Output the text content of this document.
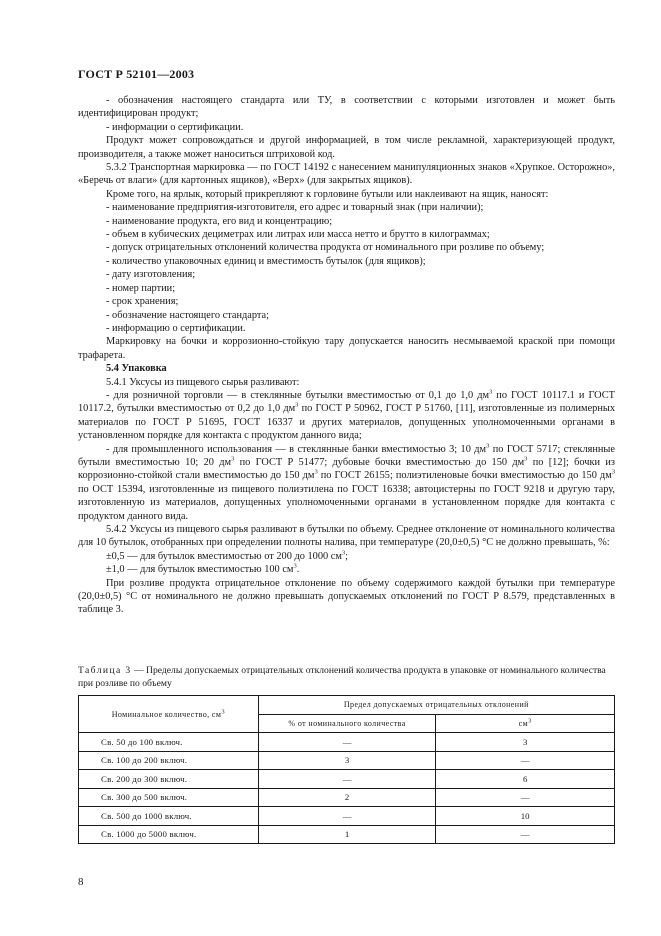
ГОСТ Р 52101—2003

- обозначения настоящего стандарта или ТУ, в соответствии с которыми изготовлен и может быть идентифицирован продукт;

- информации о сертификации.

Продукт может сопровождаться и другой информацией, в том числе рекламной, характеризующей продукт, производителя, а также может наноситься штриховой код.

5.3.2 Транспортная маркировка — по ГОСТ 14192 с нанесением манипуляционных знаков «Хрупкое. Осторожно», «Беречь от влаги» (для картонных ящиков), «Верх» (для закрытых ящиков).

Кроме того, на ярлык, который прикрепляют к горловине бутыли или наклеивают на ящик, наносят:

- наименование предприятия-изготовителя, его адрес и товарный знак (при наличии);

- наименование продукта, его вид и концентрацию;

- объем в кубических дециметрах или литрах или масса нетто и брутто в килограммах;

- допуск отрицательных отклонений количества продукта от номинального при розливе по объему;

- количество упаковочных единиц и вместимость бутылок (для ящиков);

- дату изготовления;

- номер партии;

- срок хранения;

- обозначение настоящего стандарта;

- информацию о сертификации.

Маркировку на бочки и коррозионно-стойкую тару допускается наносить несмываемой краской при помощи трафарета.

5.4 Упаковка

5.4.1 Уксусы из пищевого сырья разливают:

- для розничной торговли — в стеклянные бутылки вместимостью от 0,1 до 1,0 $дм^3$ по ГОСТ 10117.1 и ГОСТ 10117.2, бутылки вместимостью от 0,2 до 1,0 $дм^3$ по ГОСТ Р 50962, ГОСТ Р 51760, [11], изготовленные из полимерных материалов по ГОСТ Р 51695, ГОСТ 16337 и других материалов, допущенных уполномоченными органами в установленном порядке для контакта с продуктом данного вида;

- для промышленного использования — в стеклянные банки вместимостью 3; 10 $дм^3$ по ГОСТ 5717; стеклянные бутыли вместимостью 10; 20 $дм^3$ по ГОСТ Р 51477; дубовые бочки вместимостью до 150 $дм^3$ по [12]; бочки из коррозионно-стойкой стали вместимостью до 150 $дм^3$ по ГОСТ 26155; полиэтиленовые бочки вместимостью до 150 $дм^3$ по ОСТ 15394, изготовленные из пищевого полиэтилена по ГОСТ 16338; автоцистерны по ГОСТ 9218 и другую тару, изготовленную из материалов, допущенных уполномоченными органами в установленном порядке для контакта с продуктом данного вида.

5.4.2 Уксусы из пищевого сырья разливают в бутылки по объему. Среднее отклонение от номинального количества для 10 бутылок, отобранных при определении полноты налива, при температуре (20,0±0,5) °С не должно превышать, %:

±0,5 — для бутылок вместимостью от 200 до 1000 $см^3$;

±1,0 — для бутылок вместимостью 100 $см^3$.

При розливе продукта отрицательное отклонение по объему содержимого каждой бутылки при температуре (20,0±0,5) °С от номинального не должно превышать допускаемых отклонений по ГОСТ Р 8.579, представленных в таблице 3.

Таблица 3 — Пределы допускаемых отрицательных отклонений количества продукта в упаковке от номинального количества при розливе по объему
Номинальное количество, $см^3$	Предел допускаемых отрицательных отклонений	
	% от номинального количества	$см^3$
Св. 50 до 100 включ.	—	3
Св. 100 до 200 включ.	3	—
Св. 200 до 300 включ.	—	6
Св. 300 до 500 включ.	2	—
Св. 500 до 1000 включ.	—	10
Св. 1000 до 5000 включ.	1	—
8
